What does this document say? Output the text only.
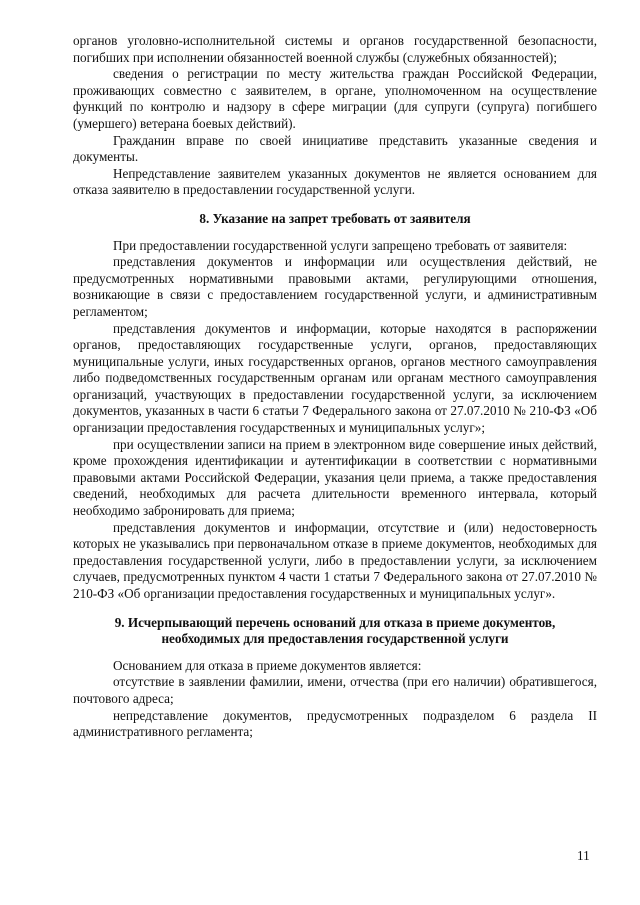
органов уголовно-исполнительной системы и органов государственной безопасности, погибших при исполнении обязанностей военной службы (служебных обязанностей);

сведения о регистрации по месту жительства граждан Российской Федерации, проживающих совместно с заявителем, в органе, уполномоченном на осуществление функций по контролю и надзору в сфере миграции (для супруги (супруга) погибшего (умершего) ветерана боевых действий).

Гражданин вправе по своей инициативе представить указанные сведения и документы.

Непредставление заявителем указанных документов не является основанием для отказа заявителю в предоставлении государственной услуги.

8. Указание на запрет требовать от заявителя

При предоставлении государственной услуги запрещено требовать от заявителя:

представления документов и информации или осуществления действий, не предусмотренных нормативными правовыми актами, регулирующими отношения, возникающие в связи с предоставлением государственной услуги, и административным регламентом;

представления документов и информации, которые находятся в распоряжении органов, предоставляющих государственные услуги, органов, предоставляющих муниципальные услуги, иных государственных органов, органов местного самоуправления либо подведомственных государственным органам или органам местного самоуправления организаций, участвующих в предоставлении государственной услуги, за исключением документов, указанных в части 6 статьи 7 Федерального закона от 27.07.2010 № 210-ФЗ «Об организации предоставления государственных и муниципальных услуг»;

при осуществлении записи на прием в электронном виде совершение иных действий, кроме прохождения идентификации и аутентификации в соответствии с нормативными правовыми актами Российской Федерации, указания цели приема, а также предоставления сведений, необходимых для расчета длительности временного интервала, который необходимо забронировать для приема;

представления документов и информации, отсутствие и (или) недостоверность которых не указывались при первоначальном отказе в приеме документов, необходимых для предоставления государственной услуги, либо в предоставлении услуги, за исключением случаев, предусмотренных пунктом 4 части 1 статьи 7 Федерального закона от 27.07.2010 № 210-ФЗ «Об организации предоставления государственных и муниципальных услуг».

9. Исчерпывающий перечень оснований для отказа в приеме документов,
необходимых для предоставления государственной услуги

Основанием для отказа в приеме документов является:

отсутствие в заявлении фамилии, имени, отчества (при его наличии) обратившегося, почтового адреса;

непредставление документов, предусмотренных подразделом 6 раздела II административного регламента;

11
